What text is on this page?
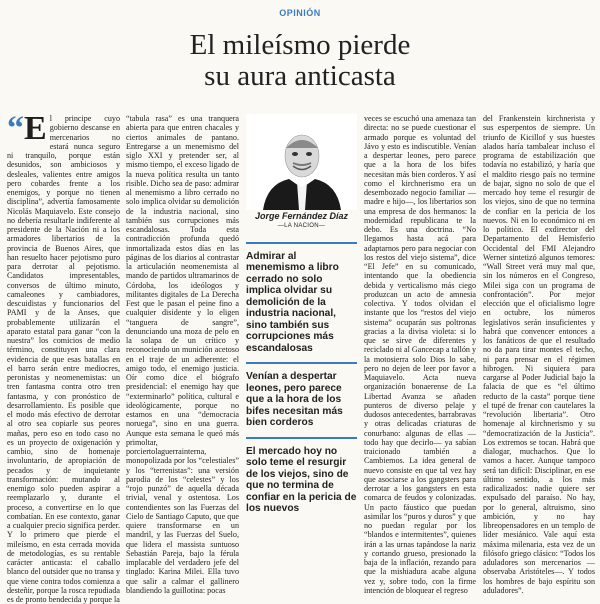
OPINIÓN
El mileísmo pierde
su aura anticasta
“E l principe cuyo gobierno descanse en mercenarios no estará nunca seguro ni tranquilo, porque están desunidos, son ambiciosos y desleales, valientes entre amigos pero cobardes frente a los enemigos, y porque no tienen disciplina”, advertía famosamente Nicolás Maquiavelo. Este consejo no debería resultarle indiferente al presidente de la Nación ni a los armadores libertarios de la provincia de Buenos Aires, que han resuelto hacer pejotismo puro para derrotar al pejotismo. Candidatos impresentables, conversos de último minuto, camaleones y cambiadores, descuidistas y funcionarios del PAMI y de la Anses, que probablemente utilizarán el aparato estatal para ganar “con la nuestra” los comicios de medio término, constituyen una clara evidencia de que esas batallas en el barro serán entre mediocres, peronistas y neomenemistas: un tren fantasma contra otro tren fantasma, y con pronóstico de desarrollamiento. Es posible que el modo más efectivo de derrotar al otro sea copiarle sus peores mañas, pero eso en todo caso no es un proyecto de oxigenación y cambio, sino de homenaje involuntario, de apropiación de pecados y de inquietante transformación: mutando al enemigo solo pueden aspirar a reemplazarlo y, durante el proceso, a convertirse en lo que combatían. En ese contexto, ganar a cualquier precio significa perder. Y lo primero que pierde el mileísmo, en esta cerrada movida de metodologías, es su rentable carácter anticasta: el caballo blanco del outsider que no transa y que viene contra todos comienza a desteñir, porque la rosca repudiada es de pronto bendecida y porque la
“tabula rasa” es una tranquera abierta para que entren chacales y ciertos animales de pantano. Entregarse a un menemismo del siglo XXI y pretender ser, al mismo tiempo, el exceso ligado de la nueva política resulta un tanto risible. Dicho sea de paso: admirar al menemismo a libro cerrado no solo implica olvidar su demolición de la industria nacional, sino también sus corrupciones más escandalosas. Toda esta contradicción profunda quedó inmortalizada estos días en las páginas de los diarios al contrastar la articulación neomenemista al mando de partidos ultramarinos de Córdoba, los ideólogos y militantes digitales de La Derecha Fest que le pasan el peine fino a cualquier disidente y lo eligen “tanguera de sangre”, denunciando una moza de pelo en la solapa de un crítico y reconociendo un munición acetoso en el traje de un adherente: el amigo todo, el enemigo justicia. Oír como dice el biógrafo presidencial: el enemigo hay que “exterminarlo” política, cultural e ideológicamente, porque no estamos en una “democracia noruega”, sino en una guerra. Aunque esta semana le queó más primoltar, porciertolaguerrainterna, monopolizada por los “celestiales” y los “terrenistas”: una versión parodia de los “celestes” y los “rojo punzó” de aquella década trivial, venal y ostentosa. Los contendientes son las Fuerzas del Cielo de Santiago Caputo, que que quiere transformarse en un mandril, y las Fuerzas del Suelo, que lidera el massista suntuoso Sebastián Pareja, bajo la férula implacable del verdadero jefe del tinglado: Karina Milei. Ella tuvo que salir a calmar el gallinero blandiendo la guillotina: pocas
Jorge Fernández Díaz
—LA NACION—
Admirar al menemismo a libro cerrado no solo implica olvidar su demolición de la industria nacional, sino también sus corrupciones más escandalosas
Venían a despertar leones, pero parece que a la hora de los bifes necesitan más bien corderos
El mercado hoy no solo teme el resurgir de los viejos, sino de que no termina de confiar en la pericia de los nuevos
veces se escuchó una amenaza tan directa: no se puede cuestionar el armado porque es voluntad del Jávo y esto es indiscutible. Venían a despertar leones, pero parece que a la hora de los bifes necesitan más bien corderos. Y así como el kirchnerismo era un desembozado negocio familiar —madre e hijo—, los libertarios son una empresa de dos hermanos: la modernidad republicana te la debo. Es una doctrina. “No llegamos hasta acá para adaptarnos pero para negociar con los restos del viejo sistema”, dice “El Jefe” en su comunicado, intentando que la obediencia debida y verticalismo más ciego produzcan un acto de amnesia colectiva. Y todos olvidan el instante que los “restos del viejo sistema” ocuparán sus poltronas gracias a la divisa violeta: si lo que se sirve de diferentes y reciclado ni al Gancecap a tallón y la motosierra solo Dios lo sabe, pero no dejen de leer por favor a Maquiavelo. Acta nueva organización bonaerense de La Libertad Avanza se añaden punteros de diverso pelaje y dudosos antecedentes, barrabravas y otras delicadas criaturas de conurbano: algunas de ellas —todo hay que decirlo— ya sabían traicionado también a Cambiemos. La idea general de nuevo consiste en que tal vez hay que asociarse a los gangsters para derrotar a los gangsters en esta comarca de feudos y colonizadas. Un pacto fáustico que puedan asimilar los “puros y duros” y que no puedan regular por los “blandos e intermitentes”, quienes irán a las urnas tapándose la nariz y cortando grueso, presionado la baja de la inflación, rezando para que la mishiadura acabe alguna vez y, sobre todo, con la firme intención de bloquear el regreso
del Frankenstein kirchnerista y sus esperpentos de siempre. Un triunfo de Kicillof y sus huestes alados haría tambalear incluso el programa de estabilización que todavía no estabilizó, y haría que el maldito riesgo país no termine de bajar, signo no solo de que el mercado hoy teme el resurgir de los viejos, sino de que no termina de confiar en la pericia de los nuevos. Ni en lo económico ni en lo político. El exdirector del Departamento del Hemisferio Occidental del FMI Alejandro Werner sintetizó algunos temores: “Wall Street verá muy mal que, sin los números en el Congreso, Milei siga con un programa de confrontación”. Por mejor elección que el oficialismo logre en octubre, los números legislativos serán insuficientes y habrá que convencer entonces a los fanáticos de que el resultado no da para tirar montes el techo, ni para prensar en el régimen hibrogen. Ni siquiera para cargarse al Poder Judicial bajo la falacia de que es “el último reducto de la casta” porque tiene el tupé de frenar con cautelares la “revolución libertaria”. Otro homenaje al kirchnerismo y su “democratización de la Justicia”. Los extremos se tocan. Habrá que dialogar, muchachos. Que lo vamos a hacer. Aunque tampoco será tan difícil: Disciplinar, en ese último sentido, a los más radicalizados: nadie quiere ser expulsado del paraíso. No hay, por lo general, altruismo, sino ambición, y no hay libreopensadores en un templo de líder mesiánico. Vale aquí esta máxima milenaria, esta vez de un filósofo griego clásico: “Todos los aduladores son mercenarios —observaba Aristóteles—. Y todos los hombres de bajo espíritu son aduladores”.
